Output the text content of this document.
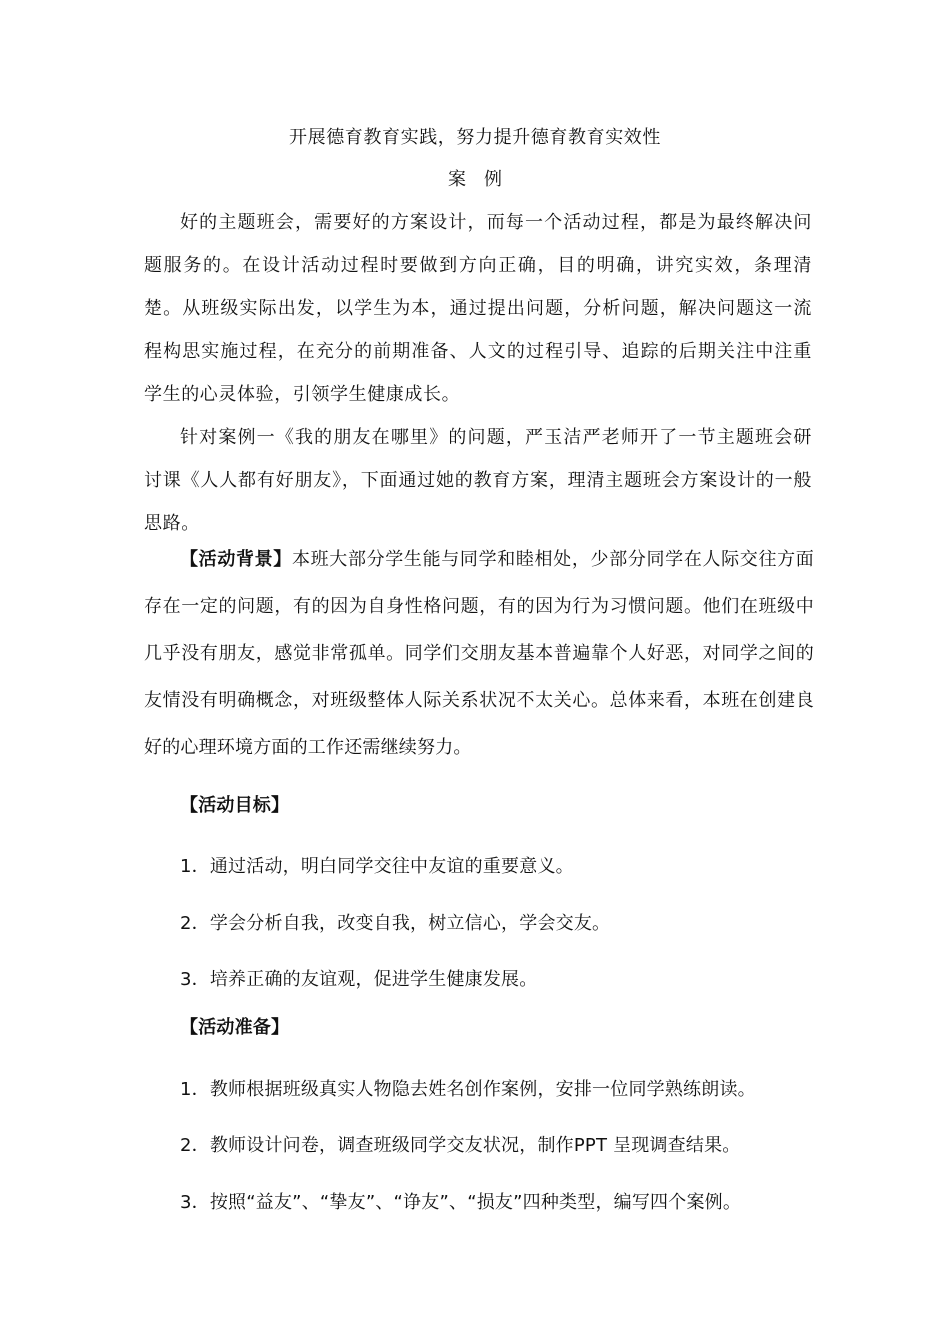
开展德育教育实践，努力提升德育教育实效性
案例

好的主题班会，需要好的方案设计，而每一个活动过程，都是为最终解决问题服务的。在设计活动过程时要做到方向正确，目的明确，讲究实效，条理清楚。从班级实际出发，以学生为本，通过提出问题，分析问题，解决问题这一流程构思实施过程，在充分的前期准备、人文的过程引导、追踪的后期关注中注重学生的心灵体验，引领学生健康成长。

针对案例一《我的朋友在哪里》的问题，严玉洁严老师开了一节主题班会研讨课《人人都有好朋友》，下面通过她的教育方案，理清主题班会方案设计的一般思路。

【活动背景】本班大部分学生能与同学和睦相处，少部分同学在人际交往方面存在一定的问题，有的因为自身性格问题，有的因为行为习惯问题。他们在班级中几乎没有朋友，感觉非常孤单。同学们交朋友基本普遍靠个人好恶，对同学之间的友情没有明确概念，对班级整体人际关系状况不太关心。总体来看，本班在创建良好的心理环境方面的工作还需继续努力。

【活动目标】
1．通过活动，明白同学交往中友谊的重要意义。
2．学会分析自我，改变自我，树立信心，学会交友。
3．培养正确的友谊观，促进学生健康发展。
【活动准备】
1．教师根据班级真实人物隐去姓名创作案例，安排一位同学熟练朗读。
2．教师设计问卷，调查班级同学交友状况，制作PPT 呈现调查结果。
3．按照“益友”、“挚友”、“诤友”、“损友”四种类型，编写四个案例。
